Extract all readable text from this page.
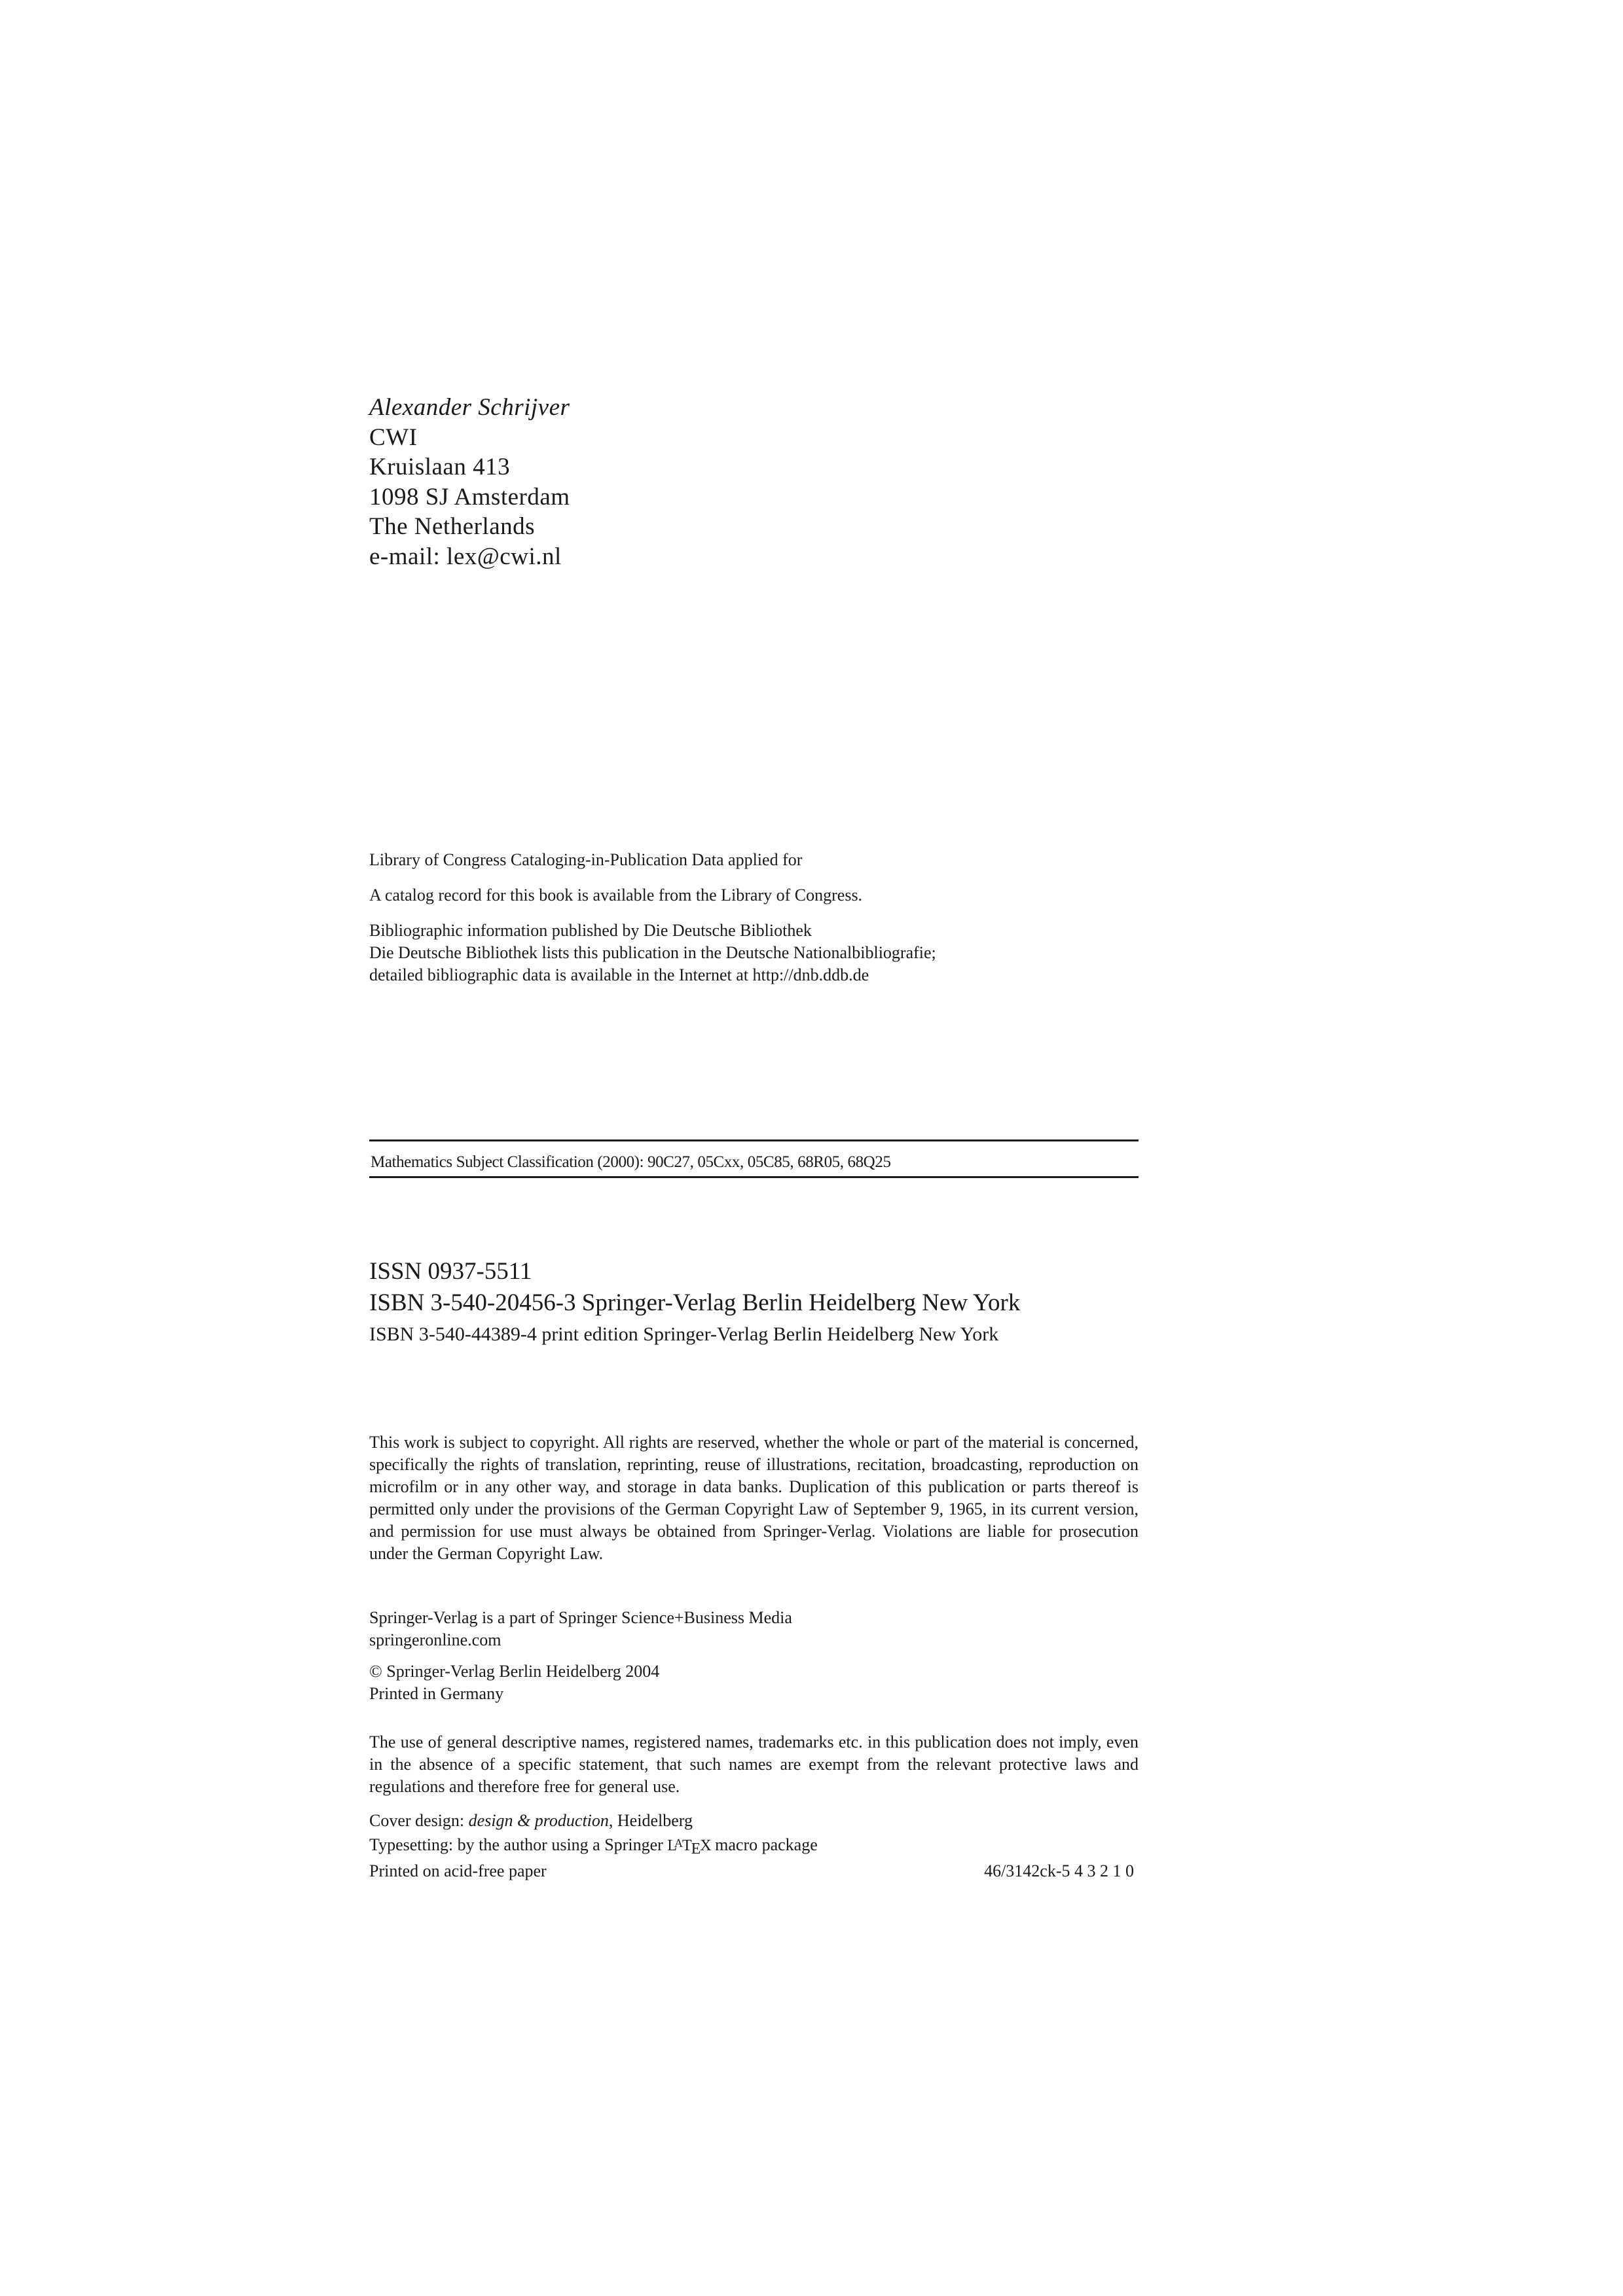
Alexander Schrijver
CWI
Kruislaan 413
1098 SJ Amsterdam
The Netherlands
e-mail: lex@cwi.nl

Library of Congress Cataloging-in-Publication Data applied for

A catalog record for this book is available from the Library of Congress.

Bibliographic information published by Die Deutsche Bibliothek
Die Deutsche Bibliothek lists this publication in the Deutsche Nationalbibliografie;
detailed bibliographic data is available in the Internet at http://dnb.ddb.de

Mathematics Subject Classification (2000): 90C27, 05Cxx, 05C85, 68R05, 68Q25
ISSN 0937-5511
ISBN 3-540-20456-3 Springer-Verlag Berlin Heidelberg New York
ISBN 3-540-44389-4 print edition Springer-Verlag Berlin Heidelberg New York
This work is subject to copyright. All rights are reserved, whether the whole or part of the material is concerned, specifically the rights of translation, reprinting, reuse of illustrations, recitation, broadcasting, reproduction on microfilm or in any other way, and storage in data banks. Duplication of this publication or parts thereof is permitted only under the provisions of the German Copyright Law of September 9, 1965, in its current version, and permission for use must always be obtained from Springer-Verlag. Violations are liable for prosecution under the German Copyright Law.

Springer-Verlag is a part of Springer Science+Business Media
springeronline.com

© Springer-Verlag Berlin Heidelberg 2004
Printed in Germany

The use of general descriptive names, registered names, trademarks etc. in this publication does not imply, even in the absence of a specific statement, that such names are exempt from the relevant protective laws and regulations and therefore free for general use.
Cover design: design & production, Heidelberg
Typesetting: by the author using a Springer $L^ATEX$ macro package
Printed on acid-free paper	46/3142ck-5 4 3 2 1 0
